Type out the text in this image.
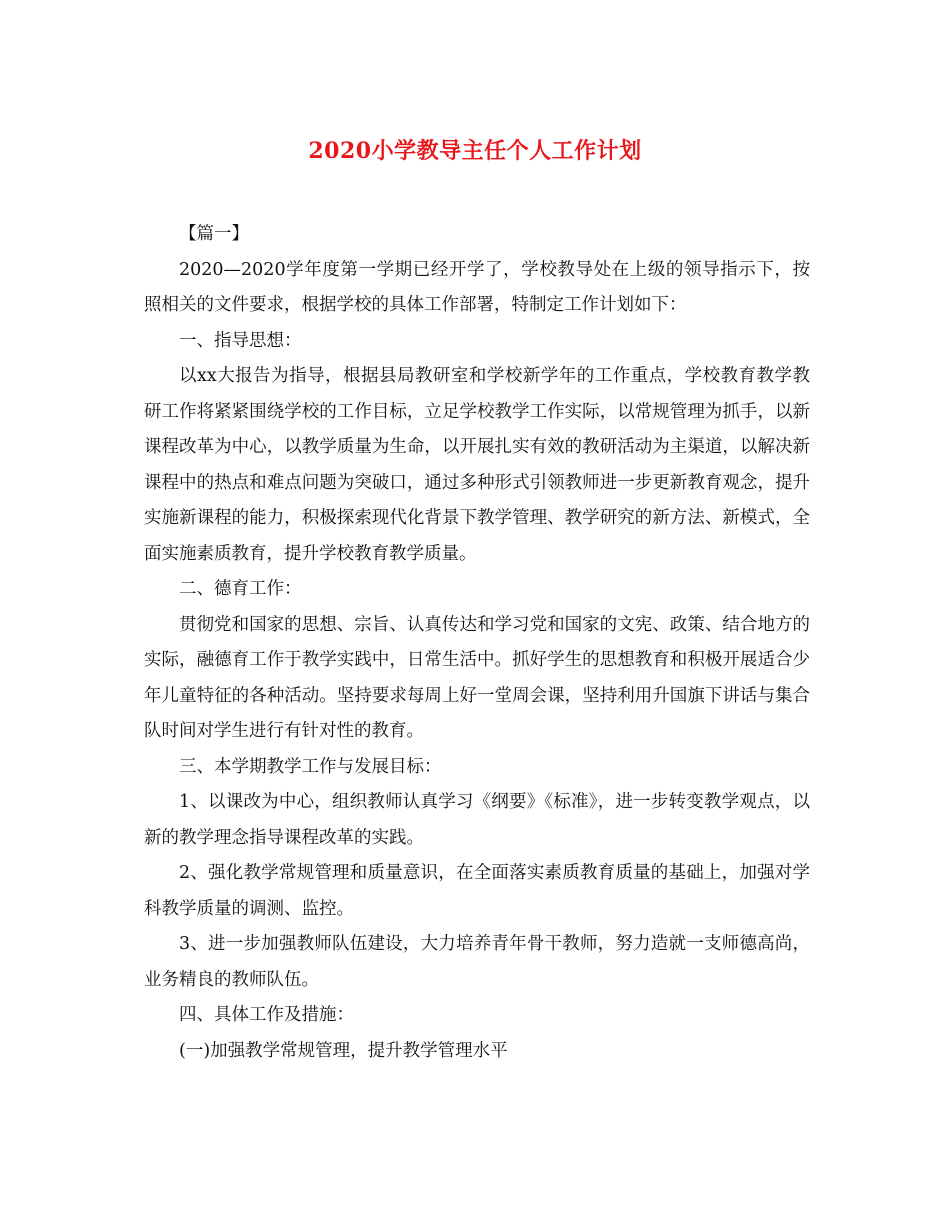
2020小学教导主任个人工作计划

【篇一】

2020—2020学年度第一学期已经开学了，学校教导处在上级的领导指示下，按照相关的文件要求，根据学校的具体工作部署，特制定工作计划如下：

一、指导思想：

以xx大报告为指导，根据县局教研室和学校新学年的工作重点，学校教育教学教研工作将紧紧围绕学校的工作目标，立足学校教学工作实际，以常规管理为抓手，以新课程改革为中心，以教学质量为生命，以开展扎实有效的教研活动为主渠道，以解决新课程中的热点和难点问题为突破口，通过多种形式引领教师进一步更新教育观念，提升实施新课程的能力，积极探索现代化背景下教学管理、教学研究的新方法、新模式，全面实施素质教育，提升学校教育教学质量。

二、德育工作：

贯彻党和国家的思想、宗旨、认真传达和学习党和国家的文宪、政策、结合地方的实际，融德育工作于教学实践中，日常生活中。抓好学生的思想教育和积极开展适合少年儿童特征的各种活动。坚持要求每周上好一堂周会课，坚持利用升国旗下讲话与集合队时间对学生进行有针对性的教育。

三、本学期教学工作与发展目标：

1、以课改为中心，组织教师认真学习《纲要》《标准》，进一步转变教学观点，以新的教学理念指导课程改革的实践。

2、强化教学常规管理和质量意识，在全面落实素质教育质量的基础上，加强对学科教学质量的调测、监控。

3、进一步加强教师队伍建设，大力培养青年骨干教师，努力造就一支师德高尚，业务精良的教师队伍。

四、具体工作及措施：

(一)加强教学常规管理，提升教学管理水平
